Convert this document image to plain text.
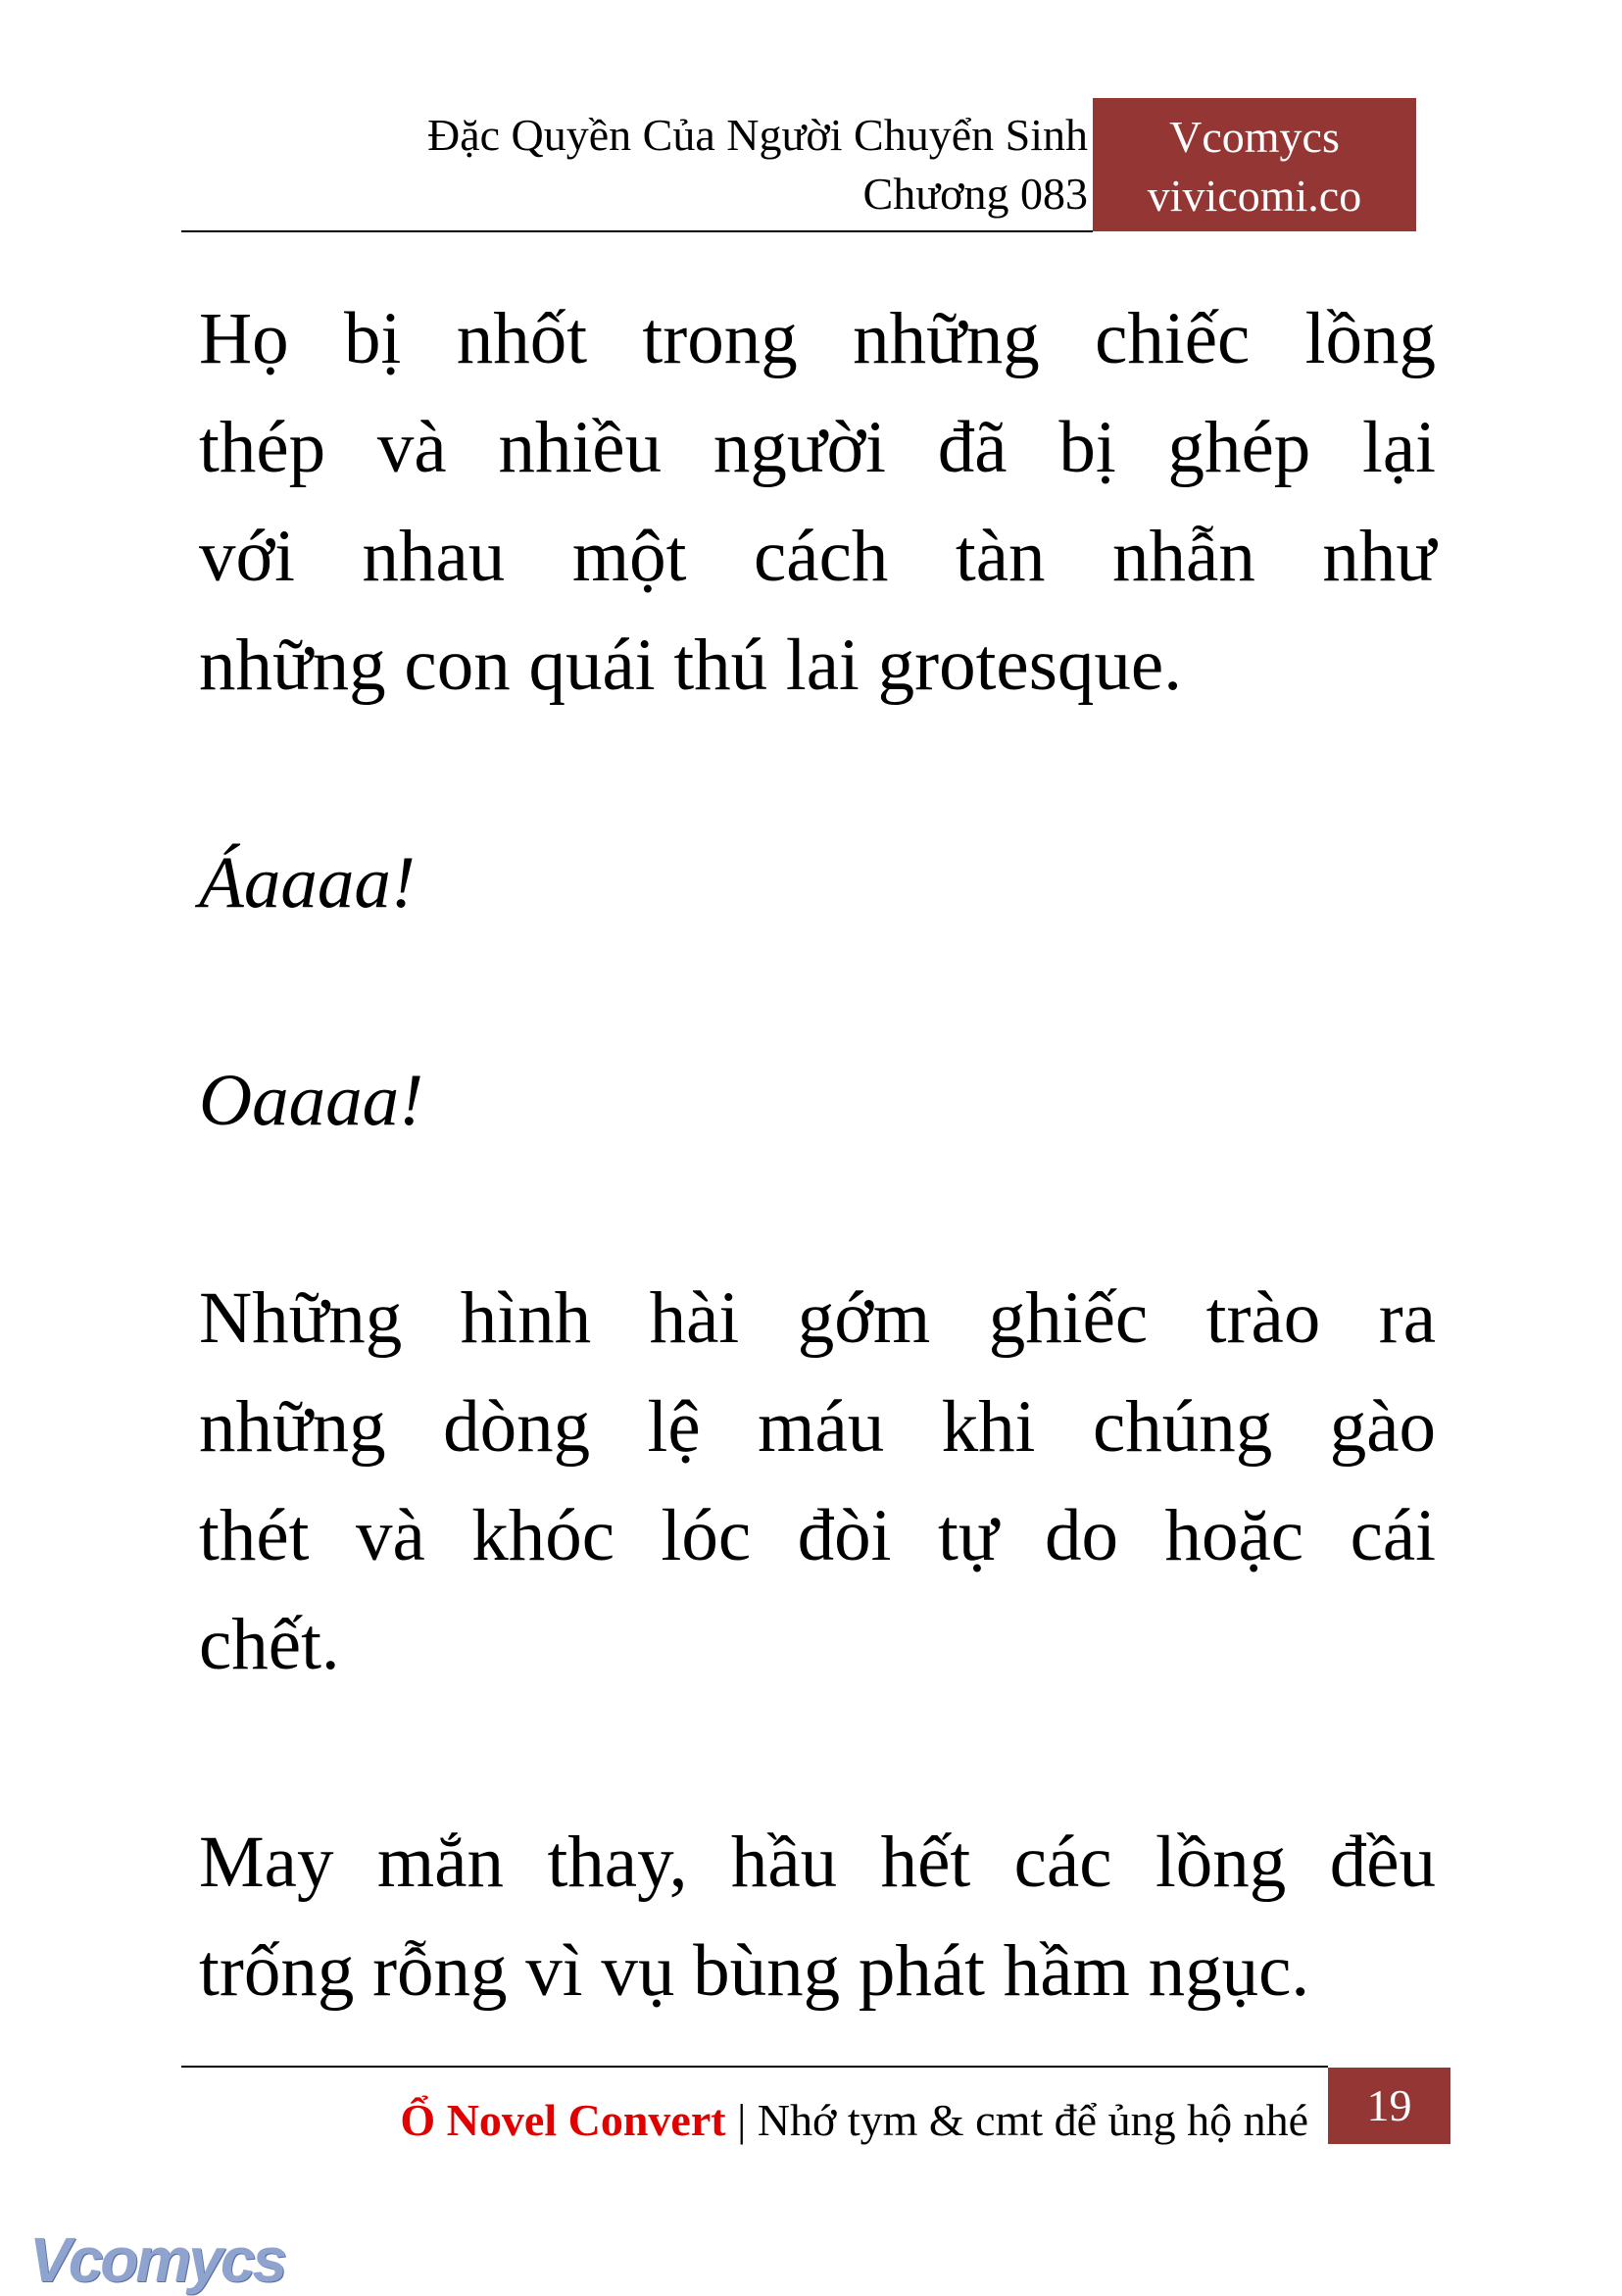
Đặc Quyền Của Người Chuyển Sinh
Chương 083
Vcomycs
vivicomi.co
Họ bị nhốt trong những chiếc lồng
thép và nhiều người đã bị ghép lại
với nhau một cách tàn nhẫn như
những con quái thú lai grotesque.
Áaaaa!
Oaaaa!
Những hình hài gớm ghiếc trào ra
những dòng lệ máu khi chúng gào
thét và khóc lóc đòi tự do hoặc cái
chết.
May mắn thay, hầu hết các lồng đều
trống rỗng vì vụ bùng phát hầm ngục.
Ổ Novel Convert | Nhớ tym & cmt để ủng hộ nhé	19
Vcomycs
